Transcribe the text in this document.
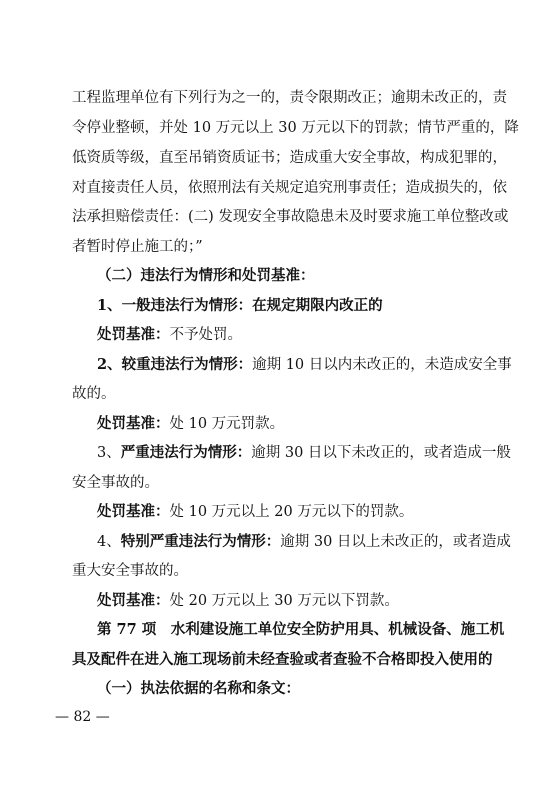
工程监理单位有下列行为之一的，责令限期改正；逾期未改正的，责
令停业整顿，并处 10 万元以上 30 万元以下的罚款；情节严重的，降
低资质等级，直至吊销资质证书；造成重大安全事故，构成犯罪的，
对直接责任人员，依照刑法有关规定追究刑事责任；造成损失的，依
法承担赔偿责任：(二) 发现安全事故隐患未及时要求施工单位整改或
者暂时停止施工的；”
（二）违法行为情形和处罚基准：
1、一般违法行为情形：在规定期限内改正的
处罚基准：不予处罚。
2、较重违法行为情形：逾期 10 日以内未改正的，未造成安全事
故的。
处罚基准：处 10 万元罚款。
3、严重违法行为情形：逾期 30 日以下未改正的，或者造成一般
安全事故的。
处罚基准：处 10 万元以上 20 万元以下的罚款。
4、特别严重违法行为情形：逾期 30 日以上未改正的，或者造成
重大安全事故的。
处罚基准：处 20 万元以上 30 万元以下罚款。
第 77 项　水利建设施工单位安全防护用具、机械设备、施工机
具及配件在进入施工现场前未经查验或者查验不合格即投入使用的
（一）执法依据的名称和条文：
— 82 —
